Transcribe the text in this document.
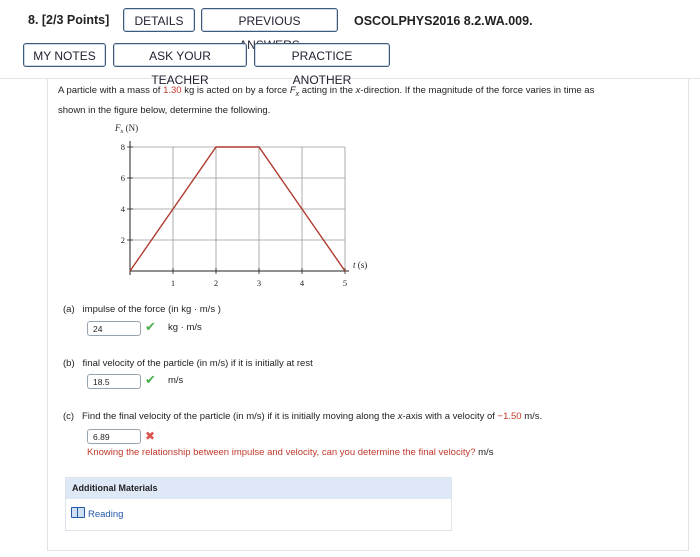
8. [2/3 Points]	DETAILS	PREVIOUS	OSCOLPHYS2016 8.2.WA.009.
MY NOTES	ASK YOUR TEACHER
PRACTICE ANOTHER
A particle with a mass of 1.30 kg is acted on by a force $F_x$ acting in the x-direction. If the magnitude of the force varies in time as
shown in the figure below, determine the following.
1	2	3	4	5
2
4
6
8
$F_x$ (N)
t (s)
(a) impulse of the force (in kg · m/s )
24	✔ kg · m/s
(b) final velocity of the particle (in m/s) if it is initially at rest
18.5	✔ m/s
(c) Find the final velocity of the particle (in m/s) if it is initially moving along the x-axis with a velocity of −1.50 m/s.
6.89	✖
Knowing the relationship between impulse and velocity, can you determine the final velocity? m/s
Additional Materials
Reading
